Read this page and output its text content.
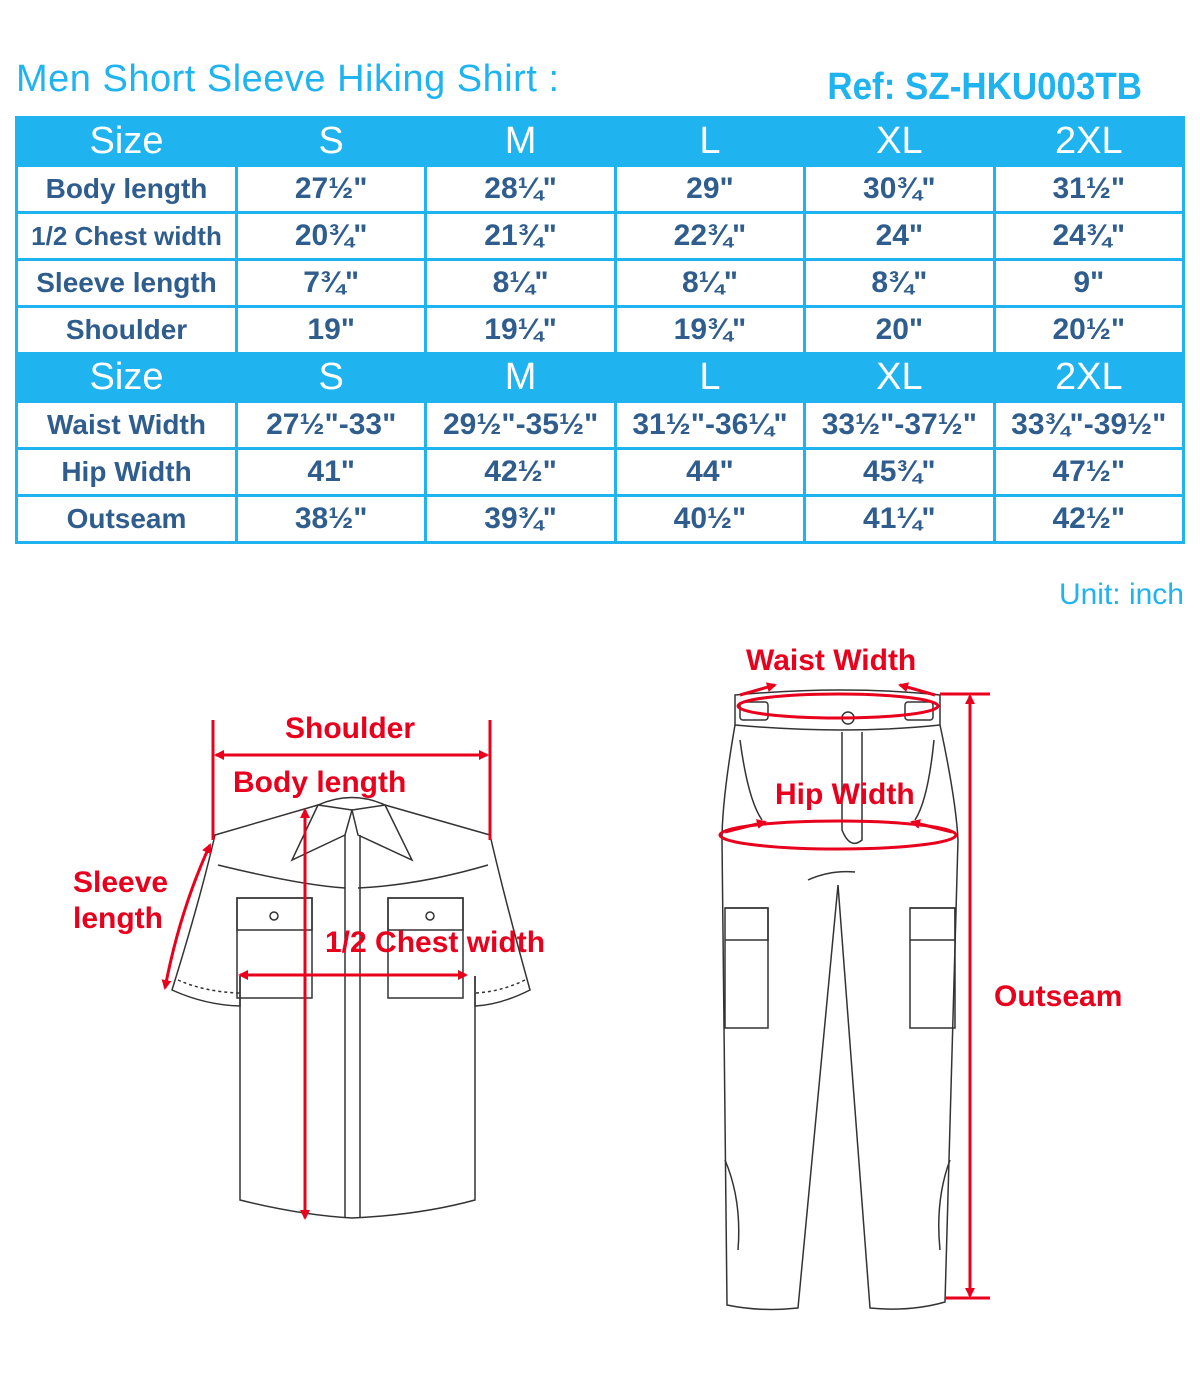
Men Short Sleeve Hiking Shirt :	Ref: SZ-HKU003TB
Size	S	M	L	XL	2XL
Body length	27½"	28¼"	29"	30¾"	31½"
1/2 Chest width	20¾"	21¾"	22¾"	24"	24¾"
Sleeve length	7¾"	8¼"	8¼"	8¾"	9"
Shoulder	19"	19¼"	19¾"	20"	20½"
Size	S	M	L	XL	2XL
Waist Width	27½"-33"	29½"-35½"	31½"-36¼"	33½"-37½"	33¾"-39½"
Hip Width	41"	42½"	44"	45¾"	47½"
Outseam	38½"	39¾"	40½"	41¼"	42½"
Unit: inch
Shoulder
Body length
Sleeve
length
1/2 Chest width
Waist Width
Hip Width
Outseam
